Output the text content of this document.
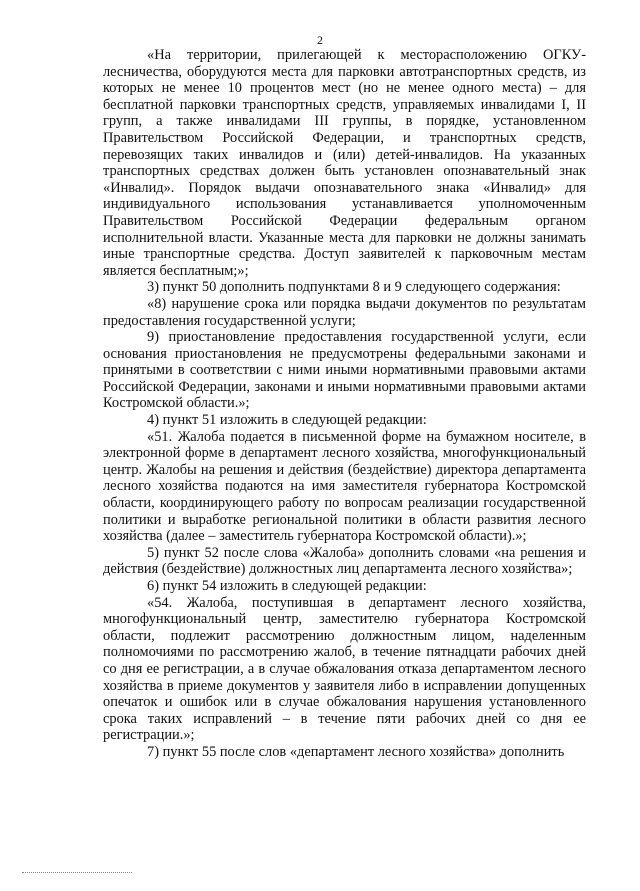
2

«На территории, прилегающей к месторасположению ОГКУ-лесничества, оборудуются места для парковки автотранспортных средств, из которых не менее 10 процентов мест (но не менее одного места) – для бесплатной парковки транспортных средств, управляемых инвалидами I, II групп, а также инвалидами III группы, в порядке, установленном Правительством Российской Федерации, и транспортных средств, перевозящих таких инвалидов и (или) детей-инвалидов. На указанных транспортных средствах должен быть установлен опознавательный знак «Инвалид». Порядок выдачи опознавательного знака «Инвалид» для индивидуального использования устанавливается уполномоченным Правительством Российской Федерации федеральным органом исполнительной власти. Указанные места для парковки не должны занимать иные транспортные средства. Доступ заявителей к парковочным местам является бесплатным;»;

3) пункт 50 дополнить подпунктами 8 и 9 следующего содержания:

«8) нарушение срока или порядка выдачи документов по результатам предоставления государственной услуги;

9) приостановление предоставления государственной услуги, если основания приостановления не предусмотрены федеральными законами и принятыми в соответствии с ними иными нормативными правовыми актами Российской Федерации, законами и иными нормативными правовыми актами Костромской области.»;

4) пункт 51 изложить в следующей редакции:

«51. Жалоба подается в письменной форме на бумажном носителе, в электронной форме в департамент лесного хозяйства, многофункциональный центр. Жалобы на решения и действия (бездействие) директора департамента лесного хозяйства подаются на имя заместителя губернатора Костромской области, координирующего работу по вопросам реализации государственной политики и выработке региональной политики в области развития лесного хозяйства (далее – заместитель губернатора Костромской области).»;

5) пункт 52 после слова «Жалоба» дополнить словами «на решения и действия (бездействие) должностных лиц департамента лесного хозяйства»;

6) пункт 54 изложить в следующей редакции:

«54. Жалоба, поступившая в департамент лесного хозяйства, многофункциональный центр, заместителю губернатора Костромской области, подлежит рассмотрению должностным лицом, наделенным полномочиями по рассмотрению жалоб, в течение пятнадцати рабочих дней со дня ее регистрации, а в случае обжалования отказа департаментом лесного хозяйства в приеме документов у заявителя либо в исправлении допущенных опечаток и ошибок или в случае обжалования нарушения установленного срока таких исправлений – в течение пяти рабочих дней со дня ее регистрации.»;

7) пункт 55 после слов «департамент лесного хозяйства» дополнить
